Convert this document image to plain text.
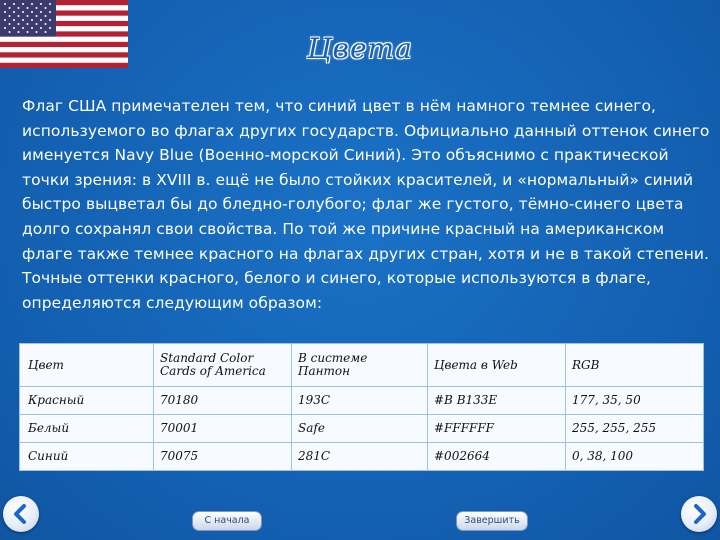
Цвета

Флаг США примечателен тем, что синий цвет в нём намного темнее синего, используемого во флагах других государств. Официально данный оттенок синего именуется Navy Blue (Военно-морской Синий). Это объяснимо с практической точки зрения: в XVIII в. ещё не было стойких красителей, и «нормальный» синий быстро выцветал бы до бледно-голубого; флаг же густого, тёмно-синего цвета долго сохранял свои свойства. По той же причине красный на американском флаге также темнее красного на флагах других стран, хотя и не в такой степени. Точные оттенки красного, белого и синего, которые используются в флаге, определяются следующим образом:

Цвет	Standard Color Cards of America	В системе Пантон	Цвета в Web	RGB
Красный	70180	193C	#B B133E	177, 35, 50
Белый	70001	Safe	#FFFFFF	255, 255, 255
Синий	70075	281C	#002664	0, 38, 100
С начала	Завершить
